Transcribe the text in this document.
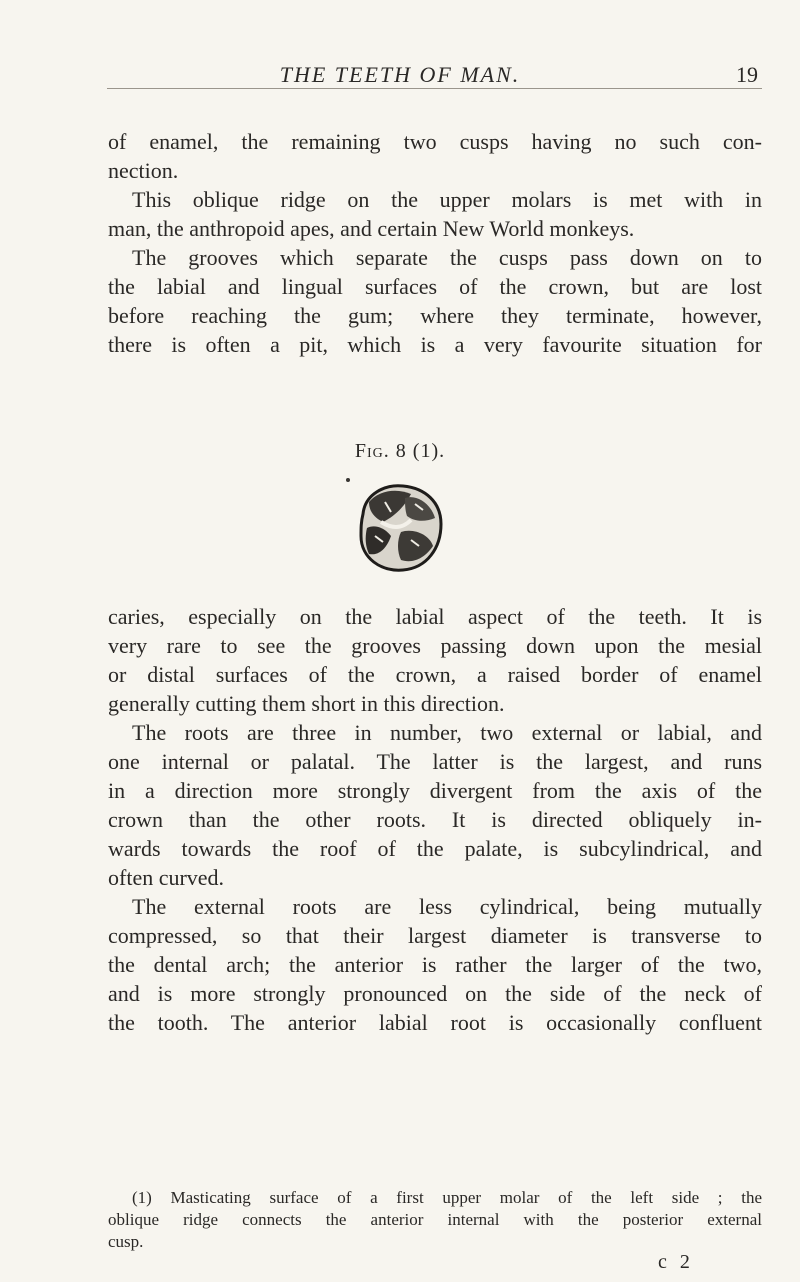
THE TEETH OF MAN.	19
of enamel, the remaining two cusps having no such con-
nection.
This oblique ridge on the upper molars is met with in
man, the anthropoid apes, and certain New World monkeys.
The grooves which separate the cusps pass down on to
the labial and lingual surfaces of the crown, but are lost
before reaching the gum; where they terminate, however,
there is often a pit, which is a very favourite situation for
Fig. 8 (1).
caries, especially on the labial aspect of the teeth. It is
very rare to see the grooves passing down upon the mesial
or distal surfaces of the crown, a raised border of enamel
generally cutting them short in this direction.
The roots are three in number, two external or labial, and
one internal or palatal. The latter is the largest, and runs
in a direction more strongly divergent from the axis of the
crown than the other roots. It is directed obliquely in-
wards towards the roof of the palate, is subcylindrical, and
often curved.
The external roots are less cylindrical, being mutually
compressed, so that their largest diameter is transverse to
the dental arch; the anterior is rather the larger of the two,
and is more strongly pronounced on the side of the neck of
the tooth. The anterior labial root is occasionally confluent
(1) Masticating surface of a first upper molar of the left side ; the
oblique ridge connects the anterior internal with the posterior external
cusp.
c 2
